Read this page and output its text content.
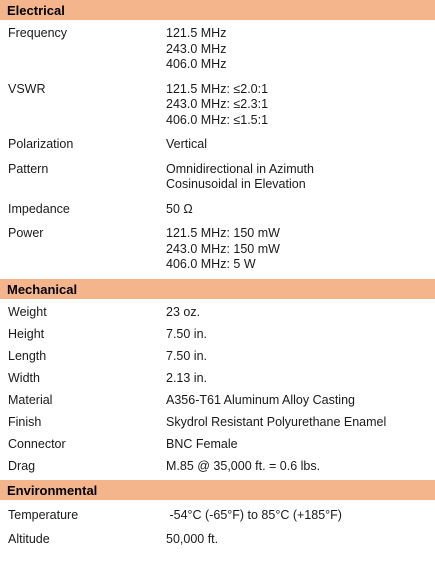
Electrical
Frequency	121.5 MHz
243.0 MHz
406.0 MHz
VSWR	121.5 MHz: ≤2.0:1
243.0 MHz: ≤2.3:1
406.0 MHz: ≤1.5:1
Polarization	Vertical
Pattern	Omnidirectional in Azimuth
Cosinusoidal in Elevation
Impedance	50 Ω
Power	121.5 MHz: 150 mW
243.0 MHz: 150 mW
406.0 MHz: 5 W
Mechanical
Weight	23 oz.
Height	7.50 in.
Length	7.50 in.
Width	2.13 in.
Material	A356-T61 Aluminum Alloy Casting
Finish	Skydrol Resistant Polyurethane Enamel
Connector	BNC Female
Drag	M.85 @ 35,000 ft. = 0.6 lbs.
Environmental
Temperature	-54°C (-65°F) to 85°C (+185°F)
Altitude	50,000 ft.
